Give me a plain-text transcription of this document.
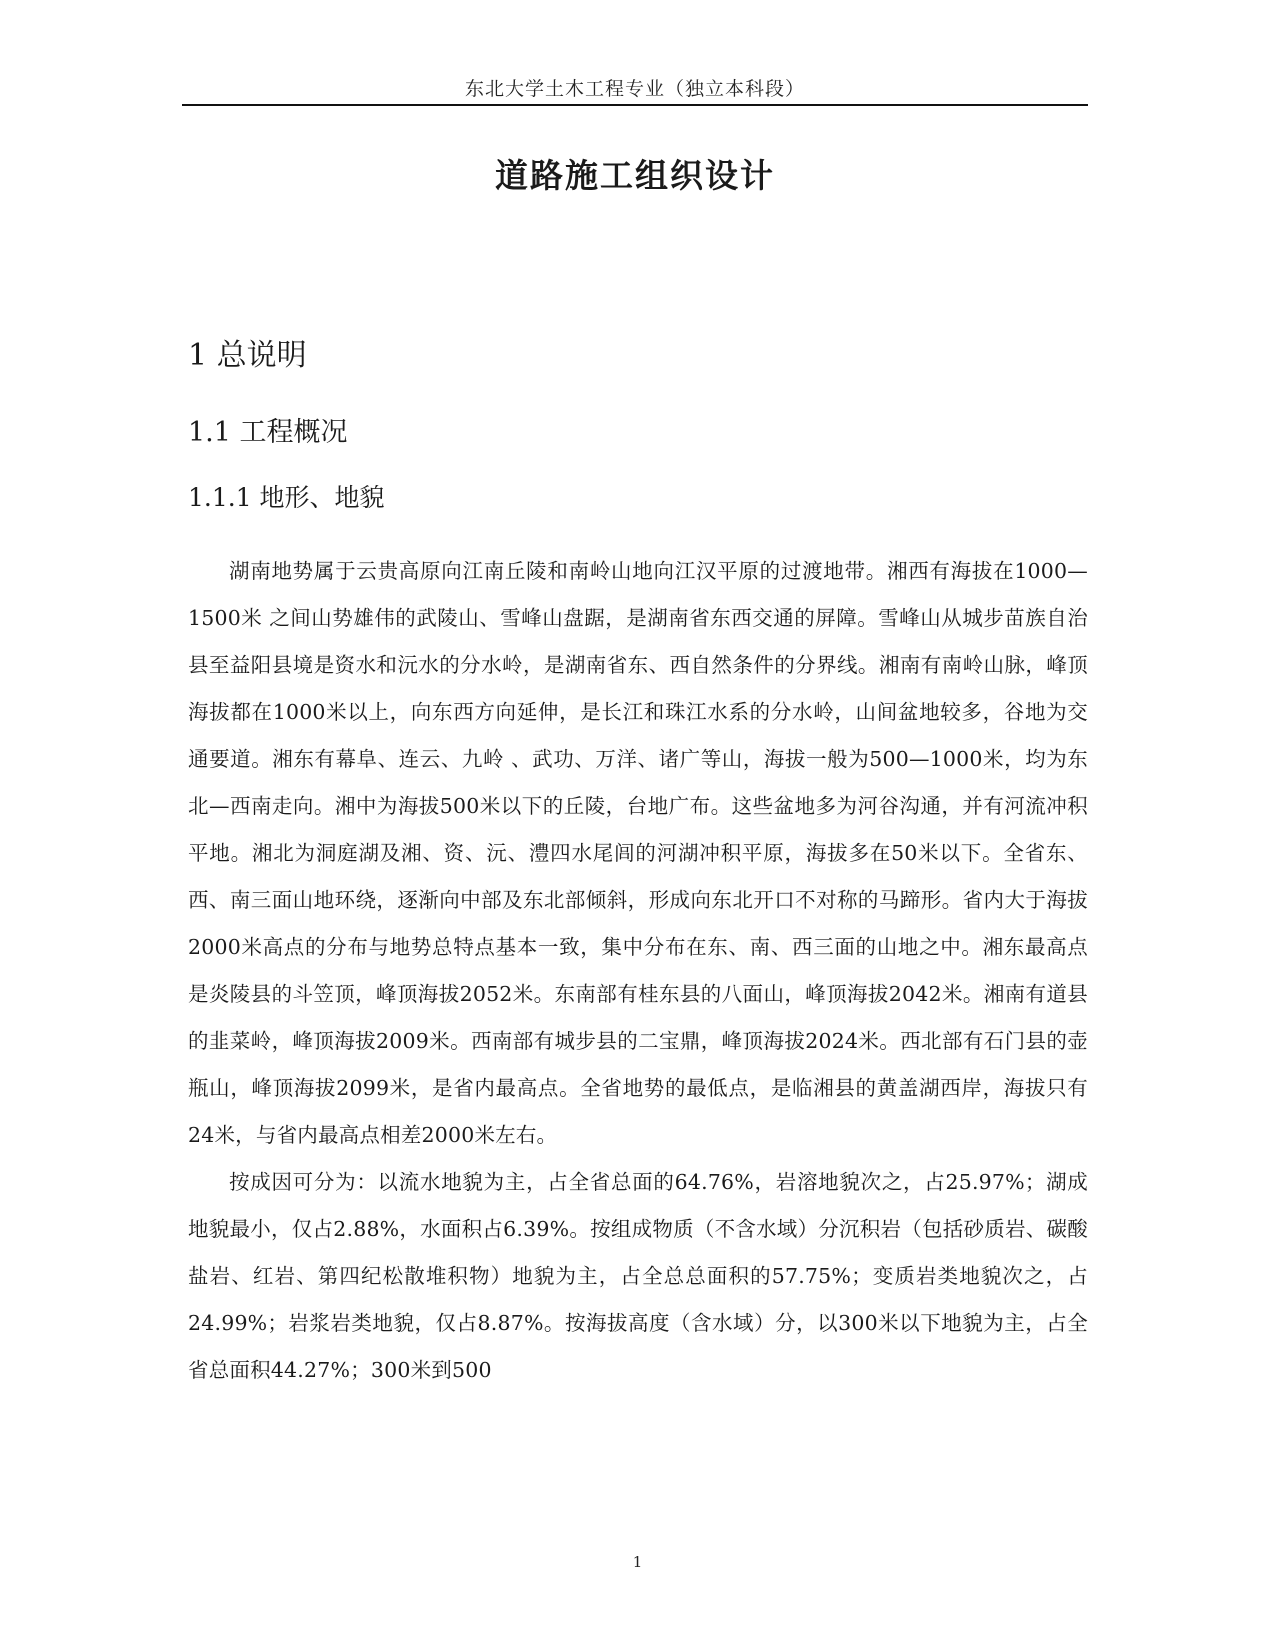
东北大学土木工程专业（独立本科段）
道路施工组织设计
1 总说明
1.1 工程概况
1.1.1 地形、地貌

湖南地势属于云贵高原向江南丘陵和南岭山地向江汉平原的过渡地带。湘西有海拔在1000—1500米 之间山势雄伟的武陵山、雪峰山盘踞，是湖南省东西交通的屏障。雪峰山从城步苗族自治县至益阳县境是资水和沅水的分水岭，是湖南省东、西自然条件的分界线。湘南有南岭山脉，峰顶海拔都在1000米以上，向东西方向延伸，是长江和珠江水系的分水岭，山间盆地较多，谷地为交通要道。湘东有幕阜、连云、九岭 、武功、万洋、诸广等山，海拔一般为500—1000米，均为东北—西南走向。湘中为海拔500米以下的丘陵，台地广布。这些盆地多为河谷沟通，并有河流冲积平地。湘北为洞庭湖及湘、资、沅、澧四水尾闾的河湖冲积平原，海拔多在50米以下。全省东、西、南三面山地环绕，逐渐向中部及东北部倾斜，形成向东北开口不对称的马蹄形。省内大于海拔2000米高点的分布与地势总特点基本一致，集中分布在东、南、西三面的山地之中。湘东最高点是炎陵县的斗笠顶，峰顶海拔2052米。东南部有桂东县的八面山，峰顶海拔2042米。湘南有道县的韭菜岭，峰顶海拔2009米。西南部有城步县的二宝鼎，峰顶海拔2024米。西北部有石门县的壶瓶山，峰顶海拔2099米，是省内最高点。全省地势的最低点，是临湘县的黄盖湖西岸，海拔只有24米，与省内最高点相差2000米左右。

按成因可分为：以流水地貌为主，占全省总面的64.76%，岩溶地貌次之，占25.97%；湖成地貌最小，仅占2.88%，水面积占6.39%。按组成物质（不含水域）分沉积岩（包括砂质岩、碳酸盐岩、红岩、第四纪松散堆积物）地貌为主，占全总总面积的57.75%；变质岩类地貌次之，占24.99%；岩浆岩类地貌，仅占8.87%。按海拔高度（含水域）分，以300米以下地貌为主，占全省总面积44.27%；300米到500

1
